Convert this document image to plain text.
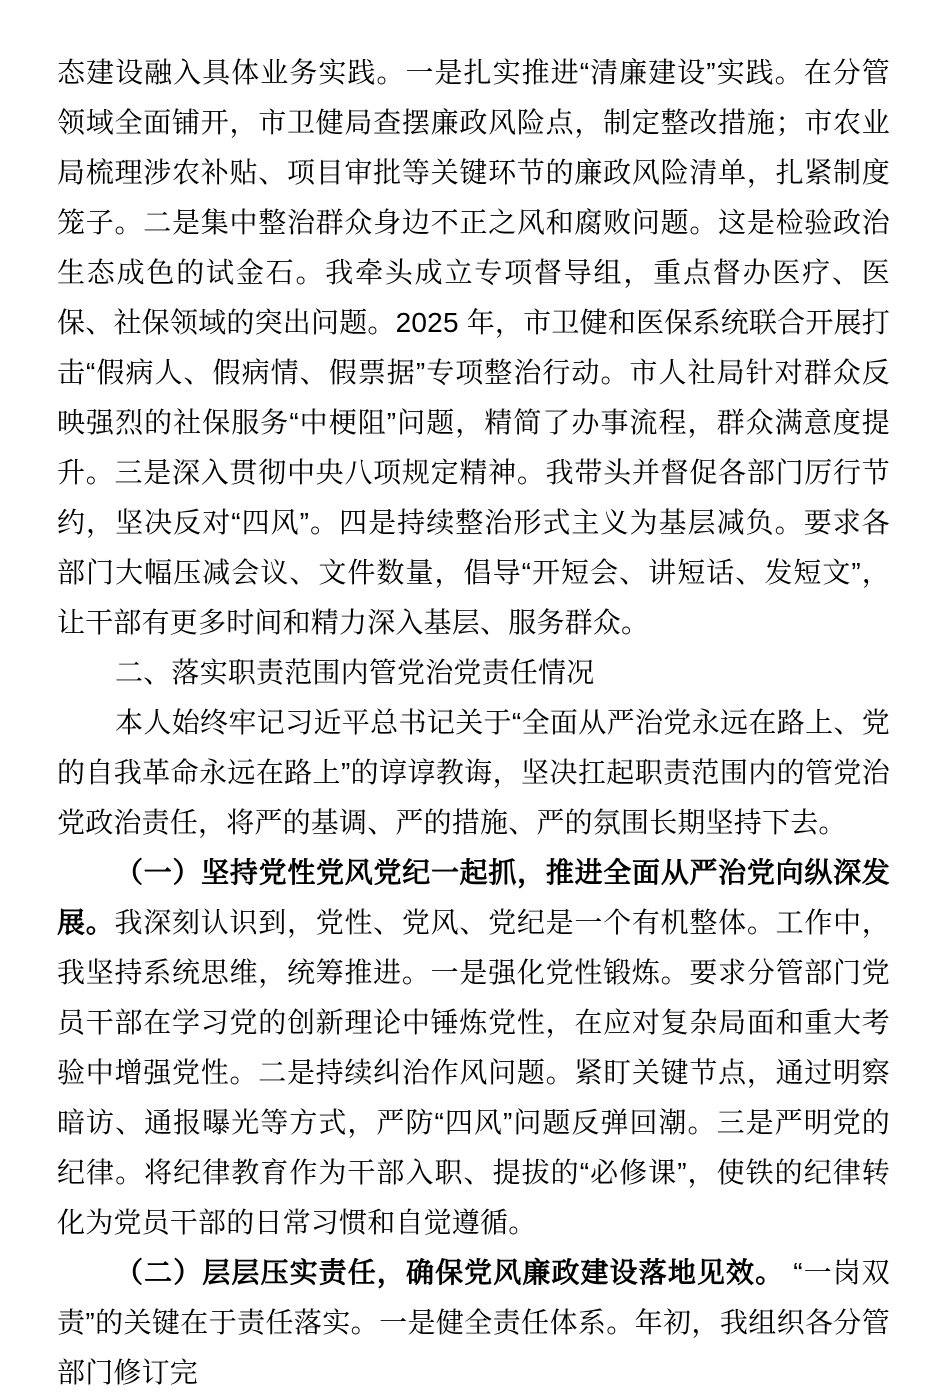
态建设融入具体业务实践。一是扎实推进“清廉建设”实践。在分管领域全面铺开，市卫健局查摆廉政风险点，制定整改措施；市农业局梳理涉农补贴、项目审批等关键环节的廉政风险清单，扎紧制度笼子。二是集中整治群众身边不正之风和腐败问题。这是检验政治生态成色的试金石。我牵头成立专项督导组，重点督办医疗、医保、社保领域的突出问题。2025 年，市卫健和医保系统联合开展打击“假病人、假病情、假票据”专项整治行动。市人社局针对群众反映强烈的社保服务“中梗阻”问题，精简了办事流程，群众满意度提升。三是深入贯彻中央八项规定精神。我带头并督促各部门厉行节约，坚决反对“四风”。四是持续整治形式主义为基层减负。要求各部门大幅压减会议、文件数量，倡导“开短会、讲短话、发短文”，让干部有更多时间和精力深入基层、服务群众。

二、落实职责范围内管党治党责任情况

本人始终牢记习近平总书记关于“全面从严治党永远在路上、党的自我革命永远在路上”的谆谆教诲，坚决扛起职责范围内的管党治党政治责任，将严的基调、严的措施、严的氛围长期坚持下去。

（一）坚持党性党风党纪一起抓，推进全面从严治党向纵深发展。我深刻认识到，党性、党风、党纪是一个有机整体。工作中，我坚持系统思维，统筹推进。一是强化党性锻炼。要求分管部门党员干部在学习党的创新理论中锤炼党性，在应对复杂局面和重大考验中增强党性。二是持续纠治作风问题。紧盯关键节点，通过明察暗访、通报曝光等方式，严防“四风”问题反弹回潮。三是严明党的纪律。将纪律教育作为干部入职、提拔的“必修课”，使铁的纪律转化为党员干部的日常习惯和自觉遵循。

（二）层层压实责任，确保党风廉政建设落地见效。 “一岗双责”的关键在于责任落实。一是健全责任体系。年初，我组织各分管部门修订完
